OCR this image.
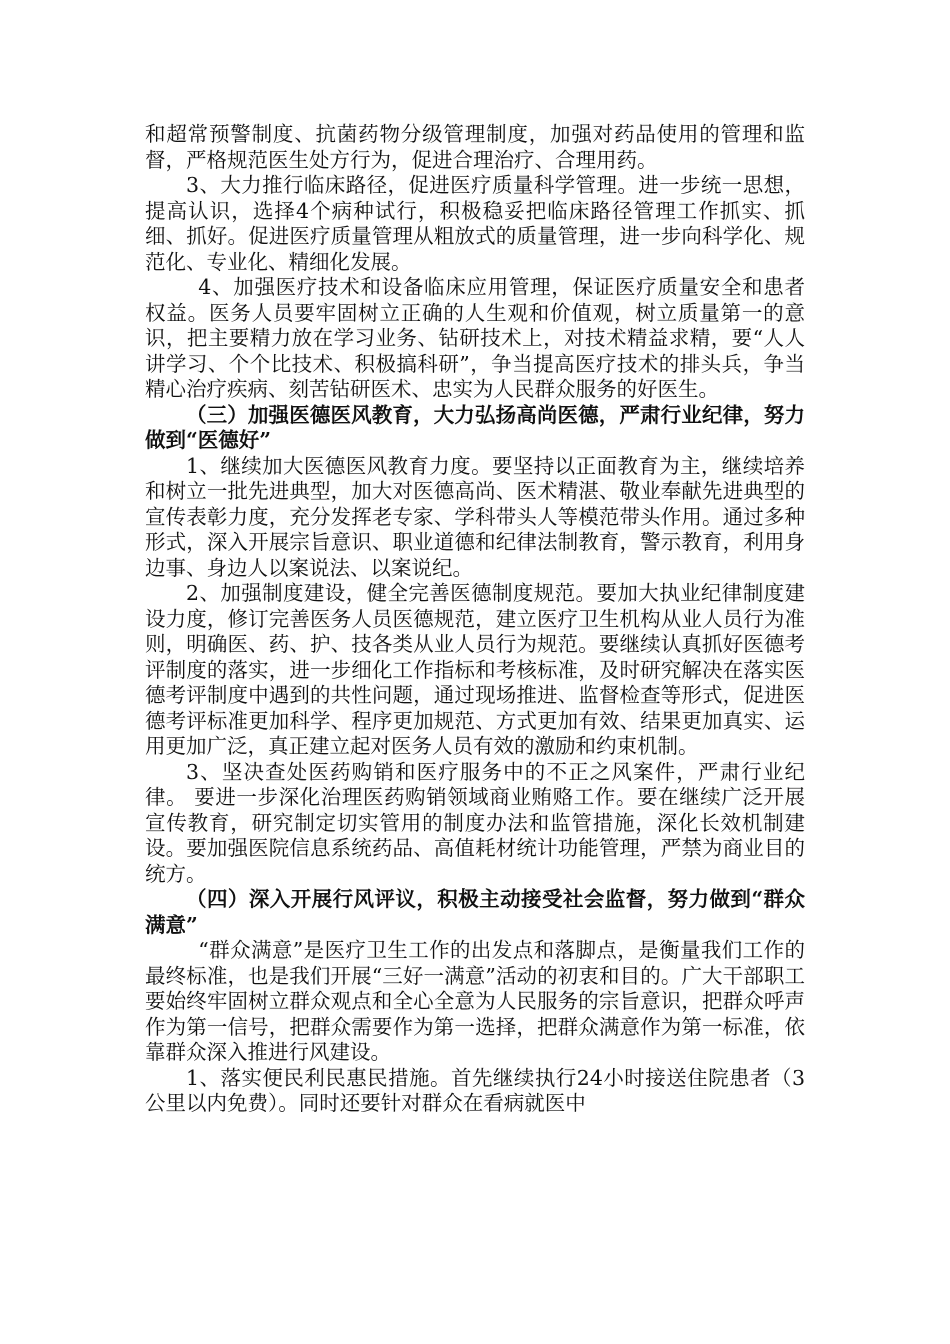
和超常预警制度、抗菌药物分级管理制度，加强对药品使用的管理和监督，严格规范医生处方行为，促进合理治疗、合理用药。

3、大力推行临床路径，促进医疗质量科学管理。进一步统一思想，提高认识，选择4个病种试行，积极稳妥把临床路径管理工作抓实、抓细、抓好。促进医疗质量管理从粗放式的质量管理，进一步向科学化、规范化、专业化、精细化发展。

4、加强医疗技术和设备临床应用管理，保证医疗质量安全和患者权益。医务人员要牢固树立正确的人生观和价值观，树立质量第一的意识，把主要精力放在学习业务、钻研技术上，对技术精益求精，要“人人讲学习、个个比技术、积极搞科研”，争当提高医疗技术的排头兵，争当精心治疗疾病、刻苦钻研医术、忠实为人民群众服务的好医生。

（三）加强医德医风教育，大力弘扬高尚医德，严肃行业纪律，努力做到“医德好”

1、继续加大医德医风教育力度。要坚持以正面教育为主，继续培养和树立一批先进典型，加大对医德高尚、医术精湛、敬业奉献先进典型的宣传表彰力度，充分发挥老专家、学科带头人等模范带头作用。通过多种形式，深入开展宗旨意识、职业道德和纪律法制教育，警示教育，利用身边事、身边人以案说法、以案说纪。

2、加强制度建设，健全完善医德制度规范。要加大执业纪律制度建设力度，修订完善医务人员医德规范，建立医疗卫生机构从业人员行为准则，明确医、药、护、技各类从业人员行为规范。要继续认真抓好医德考评制度的落实，进一步细化工作指标和考核标准，及时研究解决在落实医德考评制度中遇到的共性问题，通过现场推进、监督检查等形式，促进医德考评标准更加科学、程序更加规范、方式更加有效、结果更加真实、运用更加广泛，真正建立起对医务人员有效的激励和约束机制。

3、坚决查处医药购销和医疗服务中的不正之风案件，严肃行业纪律。 要进一步深化治理医药购销领域商业贿赂工作。要在继续广泛开展宣传教育，研究制定切实管用的制度办法和监管措施，深化长效机制建设。要加强医院信息系统药品、高值耗材统计功能管理，严禁为商业目的统方。

（四）深入开展行风评议，积极主动接受社会监督，努力做到“群众满意”

“群众满意”是医疗卫生工作的出发点和落脚点，是衡量我们工作的最终标准，也是我们开展“三好一满意”活动的初衷和目的。广大干部职工要始终牢固树立群众观点和全心全意为人民服务的宗旨意识，把群众呼声作为第一信号，把群众需要作为第一选择，把群众满意作为第一标准，依靠群众深入推进行风建设。

1、落实便民利民惠民措施。首先继续执行24小时接送住院患者（3公里以内免费）。同时还要针对群众在看病就医中
